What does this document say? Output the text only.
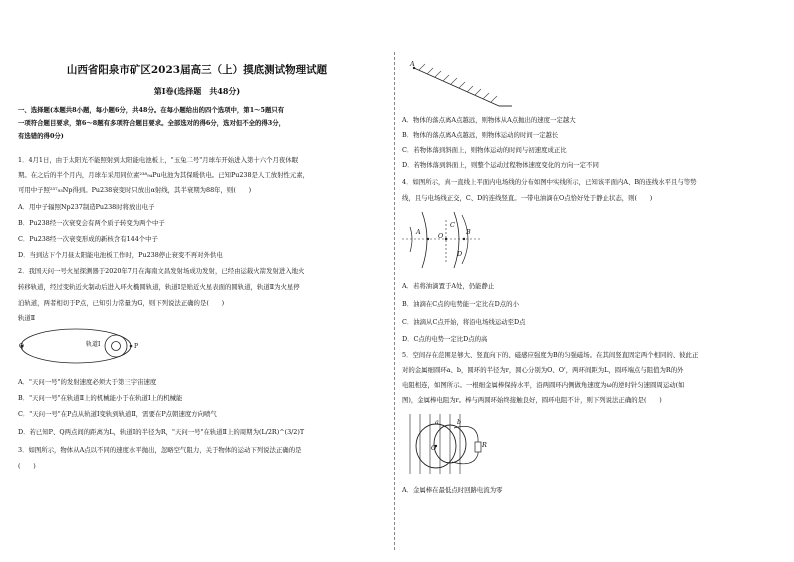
山西省阳泉市矿区2023届高三（上）摸底测试物理试题
第Ⅰ卷(选择题　共48分)
一、选择题(本题共8小题，每小题6分，共48分。在每小题给出的四个选项中，第1～5题只有
一项符合题目要求，第6～8题有多项符合题目要求。全部选对的得6分，选对但不全的得3分，
有选错的得0分)
1．4月1日，由于太阳光不能照射到太阳能电池板上，"玉兔二号"月球车开始进入第十六个月夜休眠
期。在之后的半个月内，月球车采用同位素²³⁸₉₄Pu电池为其保暖供电。已知Pu238是人工放射性元素，
可用中子照²³⁷₉₃Np得到。Pu238衰变时只放出α射线，其半衰期为88年，则(　　)
A．用中子辐照Np237制造Pu238时将放出电子
B．Pu238经一次衰变会有两个质子转变为两个中子
C．Pu238经一次衰变形成的新核含有144个中子
D．当到达下个月昼太阳能电池板工作时，Pu238停止衰变不再对外供电
2．我国天问一号火星探测器于2020年7月在海南文昌发射场成功发射，已经由运载火箭发射进入地火
转移轨道，经过变轨近火制动后进入环火椭圆轨道，轨道Ⅰ是贴近火星表面的圆轨道，轨道Ⅱ为火星停
泊轨道，两者相切于P点，已知引力常量为G，则下列说法正确的是(　　)
轨道Ⅱ
Q	轨道Ⅰ	P
A．"天问一号"的发射速度必须大于第三宇宙速度
B．"天问一号"在轨道Ⅱ上的机械能小于在轨道Ⅰ上的机械能
C．"天问一号"在P点从轨道Ⅰ变轨到轨道Ⅱ，需要在P点朝速度方向喷气
D．若已知P、Q两点间的距离为L，轨道Ⅰ的半径为R，"天问一号"在轨道Ⅱ上的周期为(L/2R)^(3/2)T
3．如图所示，物体从A点以不同的速度水平抛出，忽略空气阻力，关于物体的运动下列说法正确的是
(　　)
A
A．物体的落点离A点越远，则物体从A点抛出的速度一定越大
B．物体的落点离A点越远，则物体运动的时间一定越长
C．若物体落到斜面上，则物体运动的时间与初速度成正比
D．若物体落到斜面上，则整个运动过程物体速度变化的方向一定不同
4．如图所示，真一直线上平面内电场线的分布如图中实线所示，已知该平面内A、B的连线水平且与等势
线，且与电场线正交，C、D的连线竖直。一带电油滴在O点恰好处于静止状态，则(　　)
A	O
C
D
B
A．若将油滴置于A处，仍能静止
B．油滴在C点的电势能一定比在D点的小
C．油滴从C点开始，将沿电场线运动至D点
D．C点的电势一定比D点的高
5．空间存在范围足够大、竖直向下的、磁感应强度为B的匀强磁场。在其间竖直固定两个相同的、彼此正
对的金属细圆环a、b，圆环的半径为r，圆心分别为O、O'，两环间距为L，圆环端点与阻值为R的外
电阻相连，如图所示。一根细金属棒保持水平，沿两圆环内侧做角速度为ω的逆时针匀速圆周运动(如
图)，金属棒电阻为r。棒与两圆环始终接触良好，圆环电阻不计，则下列说法正确的是(　　)
a	b
R
O
A．金属棒在最低点时回路电流为零
